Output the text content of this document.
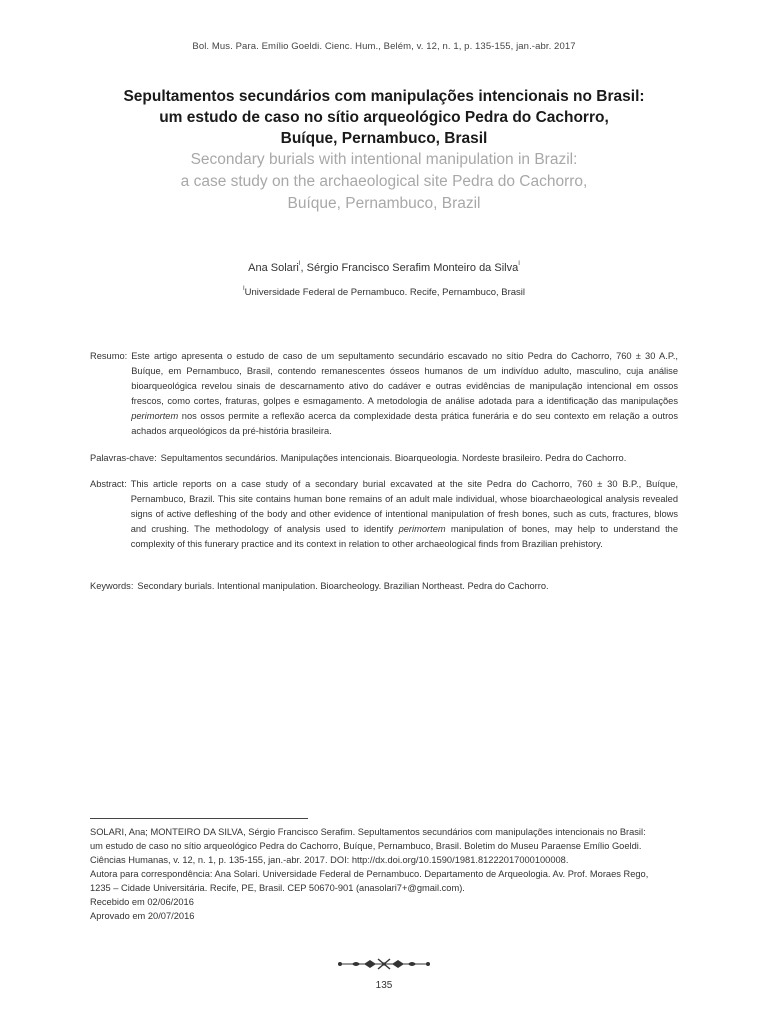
Bol. Mus. Para. Emílio Goeldi. Cienc. Hum., Belém, v. 12, n. 1, p. 135-155, jan.-abr. 2017
Sepultamentos secundários com manipulações intencionais no Brasil:
um estudo de caso no sítio arqueológico Pedra do Cachorro,
Buíque, Pernambuco, Brasil
Secondary burials with intentional manipulation in Brazil:
a case study on the archaeological site Pedra do Cachorro,
Buíque, Pernambuco, Brazil
Ana Solari$^I$, Sérgio Francisco Serafim Monteiro da Silva$^I$
$^I$Universidade Federal de Pernambuco. Recife, Pernambuco, Brasil
Resumo: Este artigo apresenta o estudo de caso de um sepultamento secundário escavado no sítio Pedra do Cachorro, 760 ± 30 A.P., Buíque, em Pernambuco, Brasil, contendo remanescentes ósseos humanos de um indivíduo adulto, masculino, cuja análise bioarqueológica revelou sinais de descarnamento ativo do cadáver e outras evidências de manipulação intencional em ossos frescos, como cortes, fraturas, golpes e esmagamento. A metodologia de análise adotada para a identificação das manipulações perimortem nos ossos permite a reflexão acerca da complexidade desta prática funerária e do seu contexto em relação a outros achados arqueológicos da pré-história brasileira.
Palavras-chave: Sepultamentos secundários. Manipulações intencionais. Bioarqueologia. Nordeste brasileiro. Pedra do Cachorro.
Abstract: This article reports on a case study of a secondary burial excavated at the site Pedra do Cachorro, 760 ± 30 B.P., Buíque, Pernambuco, Brazil. This site contains human bone remains of an adult male individual, whose bioarchaeological analysis revealed signs of active defleshing of the body and other evidence of intentional manipulation of fresh bones, such as cuts, fractures, blows and crushing. The methodology of analysis used to identify perimortem manipulation of bones, may help to understand the complexity of this funerary practice and its context in relation to other archaeological finds from Brazilian prehistory.
Keywords: Secondary burials. Intentional manipulation. Bioarcheology. Brazilian Northeast. Pedra do Cachorro.
SOLARI, Ana; MONTEIRO DA SILVA, Sérgio Francisco Serafim. Sepultamentos secundários com manipulações intencionais no Brasil:
um estudo de caso no sítio arqueológico Pedra do Cachorro, Buíque, Pernambuco, Brasil. Boletim do Museu Paraense Emílio Goeldi.
Ciências Humanas, v. 12, n. 1, p. 135-155, jan.-abr. 2017. DOI: http://dx.doi.org/10.1590/1981.81222017000100008.
Autora para correspondência: Ana Solari. Universidade Federal de Pernambuco. Departamento de Arqueologia. Av. Prof. Moraes Rego,
1235 – Cidade Universitária. Recife, PE, Brasil. CEP 50670-901 (anasolari7+@gmail.com).
Recebido em 02/06/2016
Aprovado em 20/07/2016
135
